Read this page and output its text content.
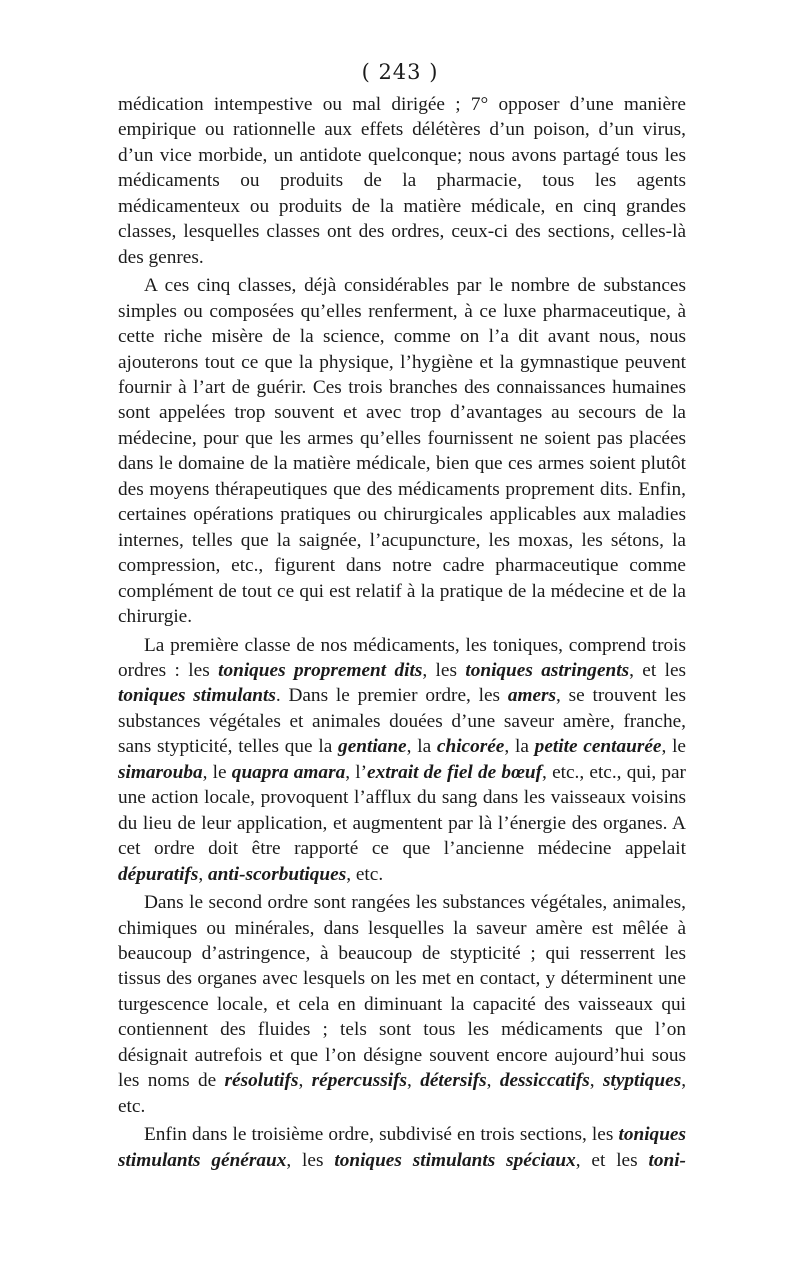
( 243 )

médication intempestive ou mal dirigée ; 7° opposer d’une manière empirique ou rationnelle aux effets délétères d’un poison, d’un virus, d’un vice morbide, un antidote quelconque; nous avons partagé tous les médicaments ou produits de la pharmacie, tous les agents médicamenteux ou produits de la matière médicale, en cinq grandes classes, lesquelles classes ont des ordres, ceux-ci des sections, celles-là des genres.

A ces cinq classes, déjà considérables par le nombre de substances simples ou composées qu’elles renferment, à ce luxe pharmaceutique, à cette riche misère de la science, comme on l’a dit avant nous, nous ajouterons tout ce que la physique, l’hygiène et la gymnastique peuvent fournir à l’art de guérir. Ces trois branches des connaissances humaines sont appelées trop souvent et avec trop d’avantages au secours de la médecine, pour que les armes qu’elles fournissent ne soient pas placées dans le domaine de la matière médicale, bien que ces armes soient plutôt des moyens thérapeutiques que des médicaments proprement dits. Enfin, certaines opérations pratiques ou chirurgicales applicables aux maladies internes, telles que la saignée, l’acupuncture, les moxas, les sétons, la compression, etc., figurent dans notre cadre pharmaceutique comme complément de tout ce qui est relatif à la pratique de la médecine et de la chirurgie.

La première classe de nos médicaments, les toniques, comprend trois ordres : les toniques proprement dits, les toniques astringents, et les toniques stimulants. Dans le premier ordre, les amers, se trouvent les substances végétales et animales douées d’une saveur amère, franche, sans stypticité, telles que la gentiane, la chicorée, la petite centaurée, le simarouba, le quapra amara, l’extrait de fiel de bœuf, etc., etc., qui, par une action locale, provoquent l’afflux du sang dans les vaisseaux voisins du lieu de leur application, et augmentent par là l’énergie des organes. A cet ordre doit être rapporté ce que l’ancienne médecine appelait dépuratifs, anti-scorbutiques, etc.

Dans le second ordre sont rangées les substances végétales, animales, chimiques ou minérales, dans lesquelles la saveur amère est mêlée à beaucoup d’astringence, à beaucoup de stypticité ; qui resserrent les tissus des organes avec lesquels on les met en contact, y déterminent une turgescence locale, et cela en diminuant la capacité des vaisseaux qui contiennent des fluides ; tels sont tous les médicaments que l’on désignait autrefois et que l’on désigne souvent encore aujourd’hui sous les noms de résolutifs, répercussifs, détersifs, dessiccatifs, styptiques, etc.

Enfin dans le troisième ordre, subdivisé en trois sections, les toniques stimulants généraux, les toniques stimulants spéciaux, et les toni-
